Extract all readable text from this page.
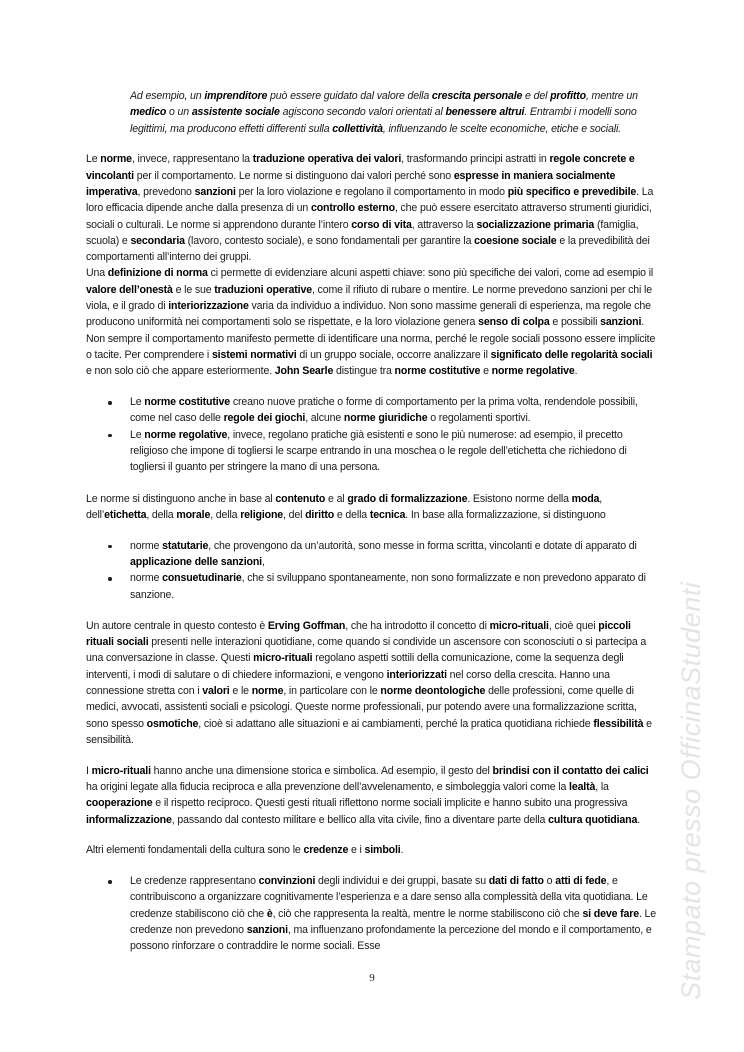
Stampato presso OfficinaStudenti

Ad esempio, un imprenditore può essere guidato dal valore della crescita personale e del profitto, mentre un medico o un assistente sociale agiscono secondo valori orientati al benessere altrui. Entrambi i modelli sono legittimi, ma producono effetti differenti sulla collettività, influenzando le scelte economiche, etiche e sociali.

Le norme, invece, rappresentano la traduzione operativa dei valori, trasformando principi astratti in regole concrete e vincolanti per il comportamento. Le norme si distinguono dai valori perché sono espresse in maniera socialmente imperativa, prevedono sanzioni per la loro violazione e regolano il comportamento in modo più specifico e prevedibile. La loro efficacia dipende anche dalla presenza di un controllo esterno, che può essere esercitato attraverso strumenti giuridici, sociali o culturali. Le norme si apprendono durante l’intero corso di vita, attraverso la socializzazione primaria (famiglia, scuola) e secondaria (lavoro, contesto sociale), e sono fondamentali per garantire la coesione sociale e la prevedibilità dei comportamenti all’interno dei gruppi.

Una definizione di norma ci permette di evidenziare alcuni aspetti chiave: sono più specifiche dei valori, come ad esempio il valore dell’onestà e le sue traduzioni operative, come il rifiuto di rubare o mentire. Le norme prevedono sanzioni per chi le viola, e il grado di interiorizzazione varia da individuo a individuo. Non sono massime generali di esperienza, ma regole che producono uniformità nei comportamenti solo se rispettate, e la loro violazione genera senso di colpa e possibili sanzioni. Non sempre il comportamento manifesto permette di identificare una norma, perché le regole sociali possono essere implicite o tacite. Per comprendere i sistemi normativi di un gruppo sociale, occorre analizzare il significato delle regolarità sociali e non solo ciò che appare esteriormente. John Searle distingue tra norme costitutive e norme regolative.

Le norme costitutive creano nuove pratiche o forme di comportamento per la prima volta, rendendole possibili, come nel caso delle regole dei giochi, alcune norme giuridiche o regolamenti sportivi.
Le norme regolative, invece, regolano pratiche già esistenti e sono le più numerose: ad esempio, il precetto religioso che impone di togliersi le scarpe entrando in una moschea o le regole dell’etichetta che richiedono di togliersi il guanto per stringere la mano di una persona.

Le norme si distinguono anche in base al contenuto e al grado di formalizzazione. Esistono norme della moda, dell’etichetta, della morale, della religione, del diritto e della tecnica. In base alla formalizzazione, si distinguono

norme statutarie, che provengono da un’autorità, sono messe in forma scritta, vincolanti e dotate di apparato di applicazione delle sanzioni,
norme consuetudinarie, che si sviluppano spontaneamente, non sono formalizzate e non prevedono apparato di sanzione.

Un autore centrale in questo contesto è Erving Goffman, che ha introdotto il concetto di micro-rituali, cioè quei piccoli rituali sociali presenti nelle interazioni quotidiane, come quando si condivide un ascensore con sconosciuti o si partecipa a una conversazione in classe. Questi micro-rituali regolano aspetti sottili della comunicazione, come la sequenza degli interventi, i modi di salutare o di chiedere informazioni, e vengono interiorizzati nel corso della crescita. Hanno una connessione stretta con i valori e le norme, in particolare con le norme deontologiche delle professioni, come quelle di medici, avvocati, assistenti sociali e psicologi. Queste norme professionali, pur potendo avere una formalizzazione scritta, sono spesso osmotiche, cioè si adattano alle situazioni e ai cambiamenti, perché la pratica quotidiana richiede flessibilità e sensibilità.

I micro-rituali hanno anche una dimensione storica e simbolica. Ad esempio, il gesto del brindisi con il contatto dei calici ha origini legate alla fiducia reciproca e alla prevenzione dell’avvelenamento, e simboleggia valori come la lealtà, la cooperazione e il rispetto reciproco. Questi gesti rituali riflettono norme sociali implicite e hanno subito una progressiva informalizzazione, passando dal contesto militare e bellico alla vita civile, fino a diventare parte della cultura quotidiana.

Altri elementi fondamentali della cultura sono le credenze e i simboli.

Le credenze rappresentano convinzioni degli individui e dei gruppi, basate su dati di fatto o atti di fede, e contribuiscono a organizzare cognitivamente l’esperienza e a dare senso alla complessità della vita quotidiana. Le credenze stabiliscono ciò che è, ciò che rappresenta la realtà, mentre le norme stabiliscono ciò che si deve fare. Le credenze non prevedono sanzioni, ma influenzano profondamente la percezione del mondo e il comportamento, e possono rinforzare o contraddire le norme sociali. Esse
9
